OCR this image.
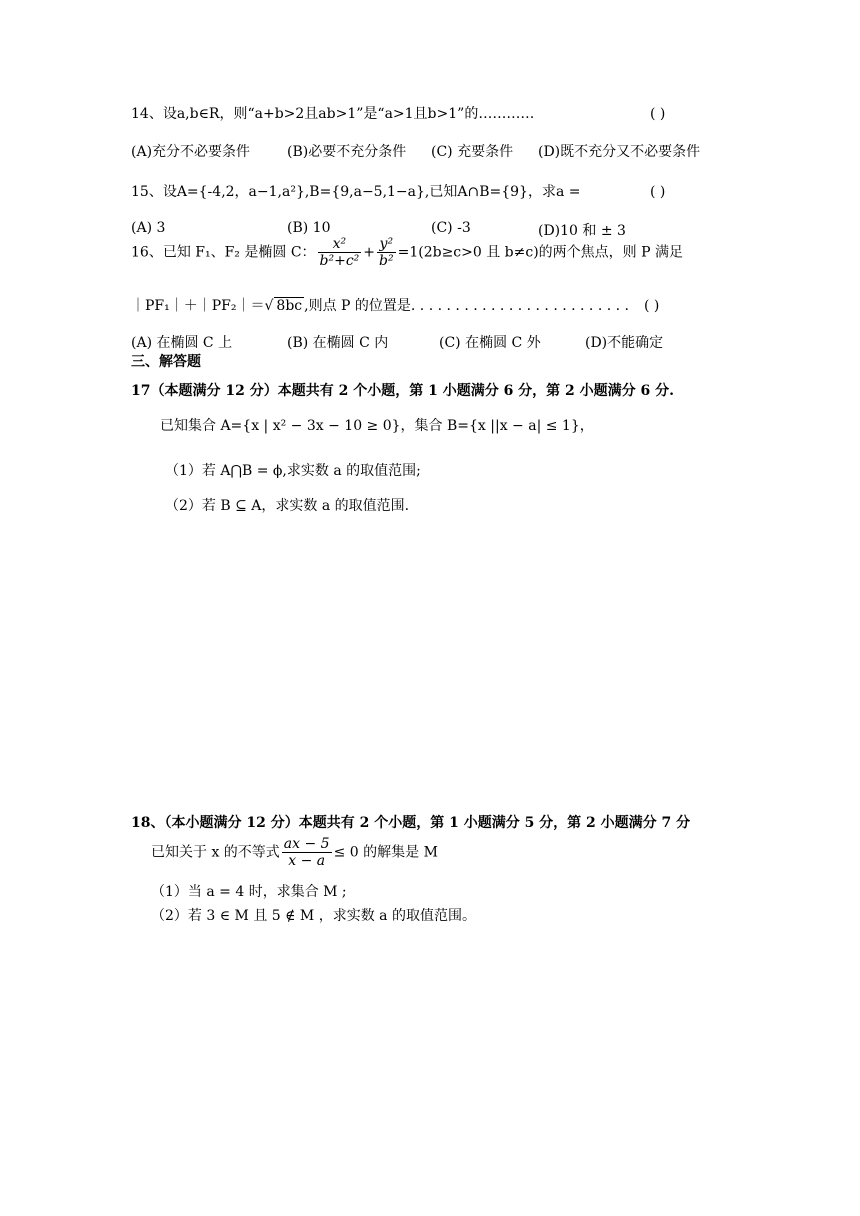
14、设a,b∈R，则“a+b>2且ab>1”是“a>1且b>1”的…………	( )
(A)充分不必要条件	(B)必要不充分条件 (C) 充要条件 (D)既不充分又不必要条件
15、设A={-4,2，a−1,a²},B={9,a−5,1−a},已知A∩B={9}，求a =	( )
(A) 3	(B) 10	(C) -3	(D)10 和 ± 3
16、已知 F₁、F₂ 是椭圆 C： $\frac{\text{x²}}{\text{b²+c²}} + \frac{\text{y²}}{\text{b²}} =1(2b\ge c>0$ 且 b≠c)的两个焦点，则 P 满足
｜PF₁｜＋｜PF₂｜＝√ 8bc ,则点 P 的位置是. . . . . . . . . . . . . . . . . . . . . . . . . ( )
(A) 在椭圆 C 上	(B) 在椭圆 C 内	(C) 在椭圆 C 外	(D)不能确定
三、解答题
17（本题满分 12 分）本题共有 2 个小题，第 1 小题满分 6 分，第 2 小题满分 6 分.
已知集合 A={x | x² − 3x − 10 ≥ 0}，集合 B={x ||x − a| ≤ 1}，
（1）若 A⋂B = ϕ,求实数 a 的取值范围;
（2）若 B ⊆ A，求实数 a 的取值范围.
18、（本小题满分 12 分）本题共有 2 个小题，第 1 小题满分 5 分，第 2 小题满分 7 分
已知关于 x 的不等式 $\frac{ax - 5}{x - a} \le 0$ 的解集是 M
（1）当 a = 4 时，求集合 M ;
（2）若 3 ∈ M 且 5 ∉ M ，求实数 a 的取值范围。
